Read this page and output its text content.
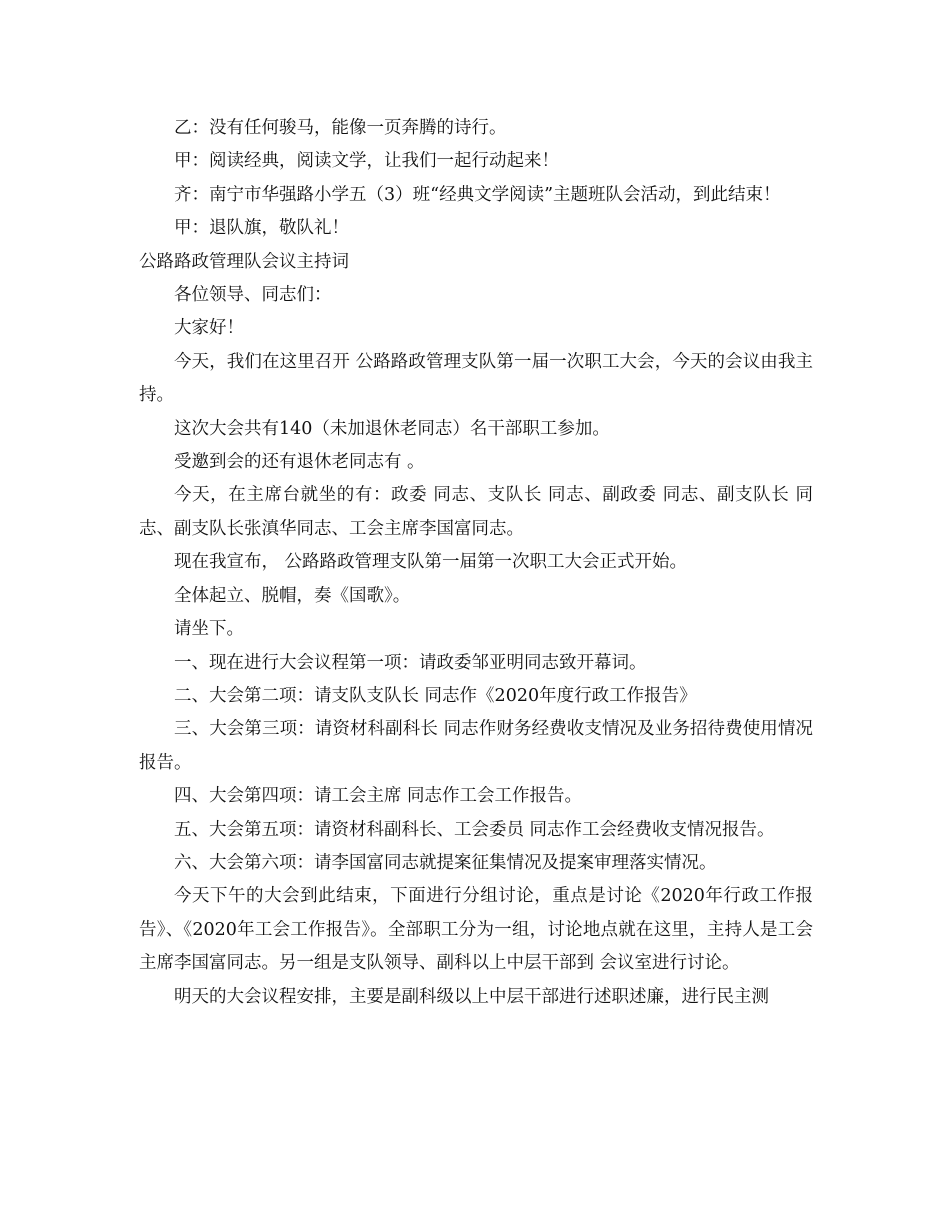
乙：没有任何骏马，能像一页奔腾的诗行。

甲：阅读经典，阅读文学，让我们一起行动起来！

齐：南宁市华强路小学五（3）班“经典文学阅读”主题班队会活动，到此结束！

甲：退队旗，敬队礼！

公路路政管理队会议主持词

各位领导、同志们：

大家好！

今天，我们在这里召开 公路路政管理支队第一届一次职工大会，今天的会议由我主持。

这次大会共有140（未加退休老同志）名干部职工参加。

受邀到会的还有退休老同志有 。

今天，在主席台就坐的有：政委 同志、支队长 同志、副政委 同志、副支队长 同志、副支队长张滇华同志、工会主席李国富同志。

现在我宣布， 公路路政管理支队第一届第一次职工大会正式开始。

全体起立、脱帽，奏《国歌》。

请坐下。

一、现在进行大会议程第一项：请政委邹亚明同志致开幕词。

二、大会第二项：请支队支队长 同志作《2020年度行政工作报告》

三、大会第三项：请资材科副科长 同志作财务经费收支情况及业务招待费使用情况报告。

四、大会第四项：请工会主席 同志作工会工作报告。

五、大会第五项：请资材科副科长、工会委员 同志作工会经费收支情况报告。

六、大会第六项：请李国富同志就提案征集情况及提案审理落实情况。

今天下午的大会到此结束，下面进行分组讨论，重点是讨论《2020年行政工作报告》、《2020年工会工作报告》。全部职工分为一组，讨论地点就在这里，主持人是工会主席李国富同志。另一组是支队领导、副科以上中层干部到 会议室进行讨论。

明天的大会议程安排，主要是副科级以上中层干部进行述职述廉，进行民主测
